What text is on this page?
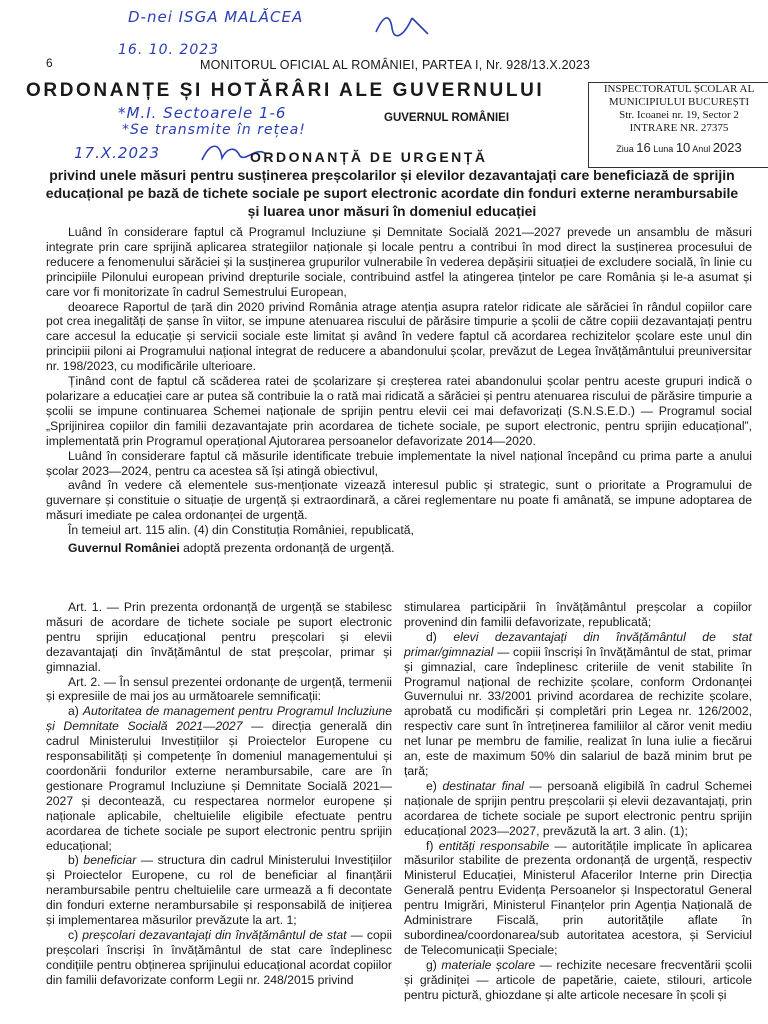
6	MONITORUL OFICIAL AL ROMÂNIEI, PARTEA I, Nr. 928/13.X.2023
ORDONANȚE ȘI HOTĂRÂRI ALE GUVERNULUI
GUVERNUL ROMÂNIEI
INSPECTORATUL ȘCOLAR AL
MUNICIPIULUI BUCUREȘTI
Str. Icoanei nr. 19, Sector 2
INTRARE NR. 27375
Ziua 16 Luna 10 Anul 2023
D-nei ISGA MALĂCEA
16. 10. 2023
*M.I. Sectoarele 1-6
*Se transmite în rețea!
17.X.2023	ORDONANȚĂ DE URGENȚĂ
privind unele măsuri pentru susținerea preșcolarilor și elevilor dezavantajați care beneficiază de sprijin educațional pe bază de tichete sociale pe suport electronic acordate din fonduri externe nerambursabile și luarea unor măsuri în domeniul educației

Luând în considerare faptul că Programul Incluziune și Demnitate Socială 2021—2027 prevede un ansamblu de măsuri integrate prin care sprijină aplicarea strategiilor naționale și locale pentru a contribui în mod direct la susținerea procesului de reducere a fenomenului sărăciei și la susținerea grupurilor vulnerabile în vederea depășirii situației de excludere socială, în linie cu principiile Pilonului european privind drepturile sociale, contribuind astfel la atingerea țintelor pe care România și le-a asumat și care vor fi monitorizate în cadrul Semestrului European,

deoarece Raportul de țară din 2020 privind România atrage atenția asupra ratelor ridicate ale sărăciei în rândul copiilor care pot crea inegalități de șanse în viitor, se impune atenuarea riscului de părăsire timpurie a școlii de către copiii dezavantajați pentru care accesul la educație și servicii sociale este limitat și având în vedere faptul că acordarea rechizitelor școlare este unul din principiii piloni ai Programului național integrat de reducere a abandonului școlar, prevăzut de Legea învățământului preuniversitar nr. 198/2023, cu modificările ulterioare.

Ținând cont de faptul că scăderea ratei de școlarizare și creșterea ratei abandonului școlar pentru aceste grupuri indică o polarizare a educației care ar putea să contribuie la o rată mai ridicată a sărăciei și pentru atenuarea riscului de părăsire timpurie a școlii se impune continuarea Schemei naționale de sprijin pentru elevii cei mai defavorizați (S.N.S.E.D.) — Programul social „Sprijinirea copiilor din familii dezavantajate prin acordarea de tichete sociale, pe suport electronic, pentru sprijin educațional”, implementată prin Programul operațional Ajutorarea persoanelor defavorizate 2014—2020.

Luând în considerare faptul că măsurile identificate trebuie implementate la nivel național începând cu prima parte a anului școlar 2023—2024, pentru ca acestea să își atingă obiectivul,

având în vedere că elementele sus-menționate vizează interesul public și strategic, sunt o prioritate a Programului de guvernare și constituie o situație de urgență și extraordinară, a cărei reglementare nu poate fi amânată, se impune adoptarea de măsuri imediate pe calea ordonanței de urgență.

În temeiul art. 115 alin. (4) din Constituția României, republicată,

Guvernul României adoptă prezenta ordonanță de urgență.

Art. 1. — Prin prezenta ordonanță de urgență se stabilesc măsuri de acordare de tichete sociale pe suport electronic pentru sprijin educațional pentru preșcolari și elevii dezavantajați din învățământul de stat preșcolar, primar și gimnazial.

Art. 2. — În sensul prezentei ordonanțe de urgență, termenii și expresiile de mai jos au următoarele semnificații:

a) Autoritatea de management pentru Programul Incluziune și Demnitate Socială 2021—2027 — direcția generală din cadrul Ministerului Investițiilor și Proiectelor Europene cu responsabilități și competențe în domeniul managementului și coordonării fondurilor externe nerambursabile, care are în gestionare Programul Incluziune și Demnitate Socială 2021—2027 și decontează, cu respectarea normelor europene și naționale aplicabile, cheltuielile eligibile efectuate pentru acordarea de tichete sociale pe suport electronic pentru sprijin educațional;

b) beneficiar — structura din cadrul Ministerului Investițiilor și Proiectelor Europene, cu rol de beneficiar al finanțării nerambursabile pentru cheltuielile care urmează a fi decontate din fonduri externe nerambursabile și responsabilă de inițierea și implementarea măsurilor prevăzute la art. 1;

c) preșcolari dezavantajați din învățământul de stat — copii preșcolari înscriși în învățământul de stat care îndeplinesc condițiile pentru obținerea sprijinului educațional acordat copiilor din familii defavorizate conform Legii nr. 248/2015 privind

stimularea participării în învățământul preșcolar a copiilor provenind din familii defavorizate, republicată;

d) elevi dezavantajați din învățământul de stat primar/gimnazial — copiii înscriși în învățământul de stat, primar și gimnazial, care îndeplinesc criteriile de venit stabilite în Programul național de rechizite școlare, conform Ordonanței Guvernului nr. 33/2001 privind acordarea de rechizite școlare, aprobată cu modificări și completări prin Legea nr. 126/2002, respectiv care sunt în întreținerea familiilor al căror venit mediu net lunar pe membru de familie, realizat în luna iulie a fiecărui an, este de maximum 50% din salariul de bază minim brut pe țară;

e) destinatar final — persoană eligibilă în cadrul Schemei naționale de sprijin pentru preșcolarii și elevii dezavantajați, prin acordarea de tichete sociale pe suport electronic pentru sprijin educațional 2023—2027, prevăzută la art. 3 alin. (1);

f) entități responsabile — autoritățile implicate în aplicarea măsurilor stabilite de prezenta ordonanță de urgență, respectiv Ministerul Educației, Ministerul Afacerilor Interne prin Direcția Generală pentru Evidența Persoanelor și Inspectoratul General pentru Imigrări, Ministerul Finanțelor prin Agenția Națională de Administrare Fiscală, prin autoritățile aflate în subordinea/coordonarea/sub autoritatea acestora, și Serviciul de Telecomunicații Speciale;

g) materiale școlare — rechizite necesare frecventării școlii și grădiniței — articole de papetărie, caiete, stilouri, articole pentru pictură, ghiozdane și alte articole necesare în școli și
